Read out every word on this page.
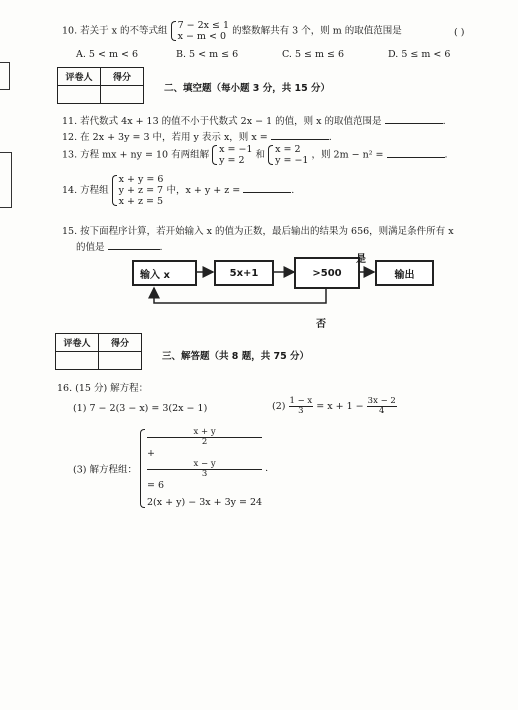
10. 若关于 x 的不等式组 7 − 2x ≤ 1
x − m < 0 的整数解共有 3 个，则 m 的取值范围是	( )
A. 5 < m < 6	B. 5 < m ≤ 6	C. 5 ≤ m ≤ 6	D. 5 ≤ m < 6
评卷人	得分

二、填空题（每小题 3 分，共 15 分）
11. 若代数式 4x + 13 的值不小于代数式 2x − 1 的值，则 x 的取值范围是	.
12. 在 2x + 3y = 3 中，若用 y 表示 x，则 x =	.
13. 方程 mx + ny = 10 有两组解 x = −1
y = 2	和 x = 2
y = −1 ，则 2m − n² =	.
14. 方程组
x + y = 6
y + z = 7
x + z = 5
中，x + y + z =	.
15. 按下面程序计算，若开始输入 x 的值为正数，最后输出的结果为 656，则满足条件所有 x
的值是	.
输入 x	5x+1	>500	输出
是
否
评卷人	得分

三、解答题（共 8 题，共 75 分）
16. (15 分) 解方程：
(1) 7 − 2(3 − x) = 3(2x − 1)	$(2) \frac{1 - x}{3} = x + 1 - \frac{3x - 2}{4}$
(3) 解方程组：
x + y
2
+
x − y
3
= 6
2(x + y) − 3x + 3y = 24
.
